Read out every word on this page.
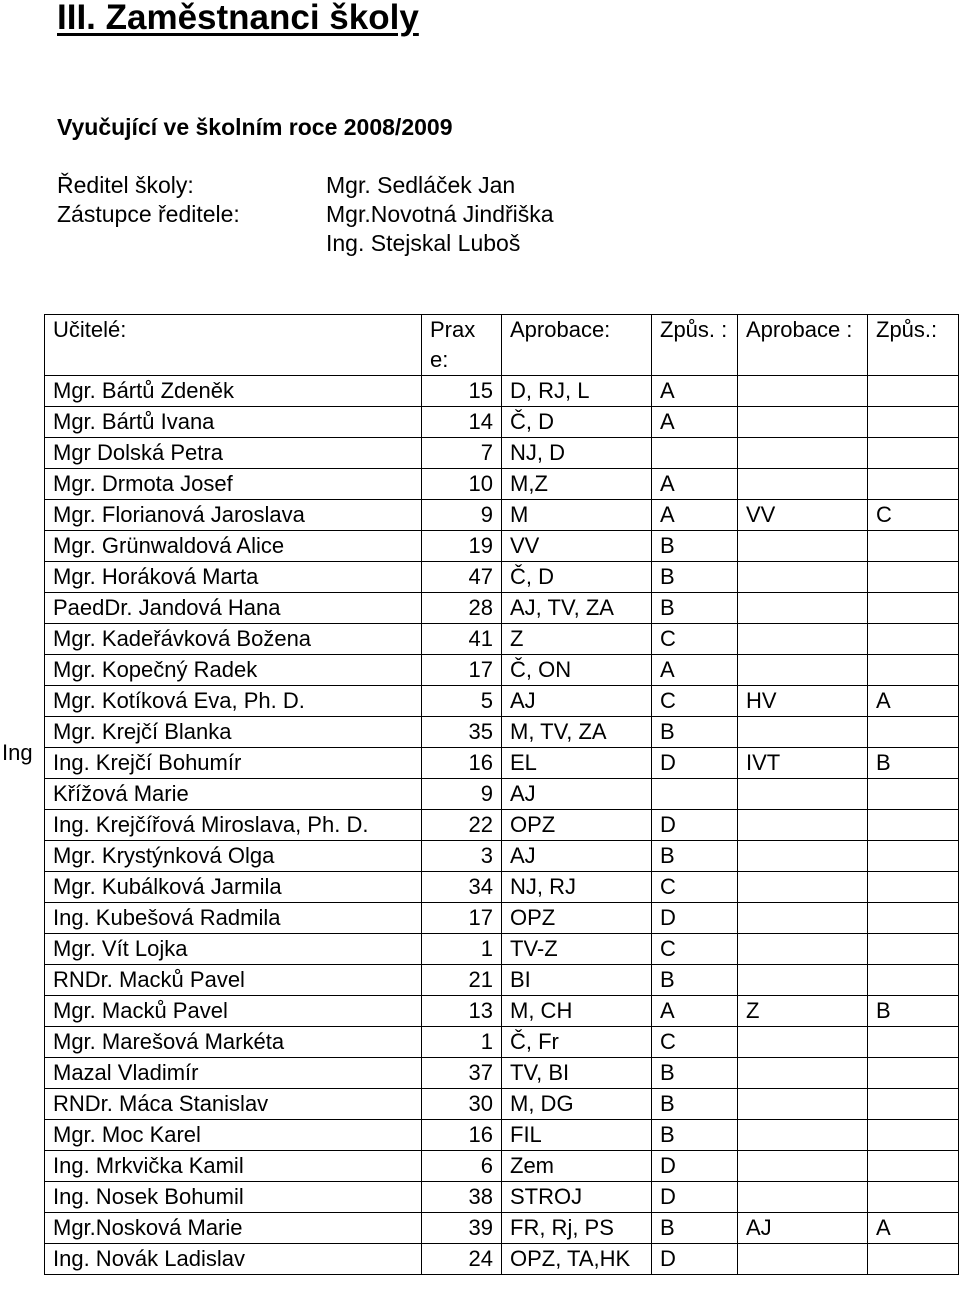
III. Zaměstnanci školy
Vyučující ve školním roce 2008/2009
Ředitel školy:	Mgr. Sedláček Jan
Zástupce ředitele:	Mgr.Novotná Jindřiška
Ing. Stejskal Luboš
Ing
Učitelé:	Prax e:	Aprobace:	Způs. :	Aprobace :	Způs.:
Mgr. Bártů Zdeněk	15	D, RJ, L	A		
Mgr. Bártů Ivana	14	Č, D	A		
Mgr Dolská Petra	7	NJ, D			
Mgr. Drmota Josef	10	M,Z	A		
Mgr. Florianová Jaroslava	9	M	A	VV	C
Mgr. Grünwaldová Alice	19	VV	B		
Mgr. Horáková Marta	47	Č, D	B		
PaedDr. Jandová Hana	28	AJ, TV, ZA	B		
Mgr. Kadeřávková Božena	41	Z	C		
Mgr. Kopečný Radek	17	Č, ON	A		
Mgr. Kotíková Eva, Ph. D.	5	AJ	C	HV	A
Mgr. Krejčí Blanka	35	M, TV, ZA	B		
Ing. Krejčí Bohumír	16	EL	D	IVT	B
Křížová Marie	9	AJ			
Ing. Krejčířová Miroslava, Ph. D.	22	OPZ	D		
Mgr. Krystýnková Olga	3	AJ	B		
Mgr. Kubálková Jarmila	34	NJ, RJ	C		
Ing. Kubešová Radmila	17	OPZ	D		
Mgr. Vít Lojka	1	TV-Z	C		
RNDr. Macků Pavel	21	BI	B		
Mgr. Macků Pavel	13	M, CH	A	Z	B
Mgr. Marešová Markéta	1	Č, Fr	C		
Mazal Vladimír	37	TV, BI	B		
RNDr. Máca Stanislav	30	M, DG	B		
Mgr. Moc Karel	16	FIL	B		
Ing. Mrkvička Kamil	6	Zem	D		
Ing. Nosek Bohumil	38	STROJ	D		
Mgr.Nosková Marie	39	FR, Rj, PS	B	AJ	A
Ing. Novák Ladislav	24	OPZ, TA,HK	D		
